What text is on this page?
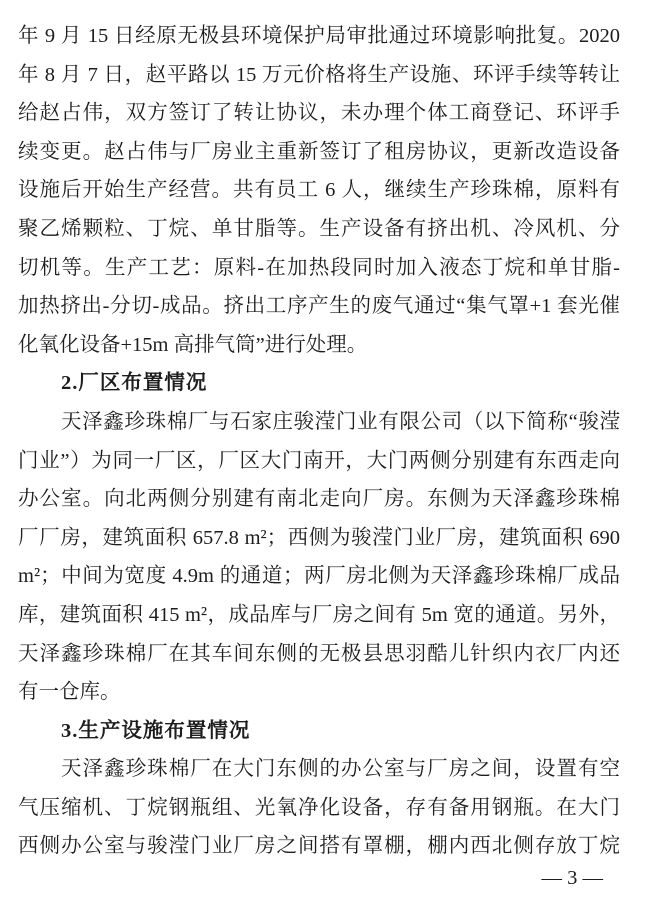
年 9 月 15 日经原无极县环境保护局审批通过环境影响批复。2020
年 8 月 7 日，赵平路以 15 万元价格将生产设施、环评手续等转让
给赵占伟，双方签订了转让协议，未办理个体工商登记、环评手
续变更。赵占伟与厂房业主重新签订了租房协议，更新改造设备
设施后开始生产经营。共有员工 6 人，继续生产珍珠棉，原料有
聚乙烯颗粒、丁烷、单甘脂等。生产设备有挤出机、冷风机、分
切机等。生产工艺：原料-在加热段同时加入液态丁烷和单甘脂-
加热挤出-分切-成品。挤出工序产生的废气通过“集气罩+1 套光催
化氧化设备+15m 高排气筒”进行处理。
2.厂区布置情况
天泽鑫珍珠棉厂与石家庄骏滢门业有限公司（以下简称“骏滢
门业”）为同一厂区，厂区大门南开，大门两侧分别建有东西走向
办公室。向北两侧分别建有南北走向厂房。东侧为天泽鑫珍珠棉
厂厂房，建筑面积 657.8 m²；西侧为骏滢门业厂房，建筑面积 690
m²；中间为宽度 4.9m 的通道；两厂房北侧为天泽鑫珍珠棉厂成品
库，建筑面积 415 m²，成品库与厂房之间有 5m 宽的通道。另外，
天泽鑫珍珠棉厂在其车间东侧的无极县思羽酷儿针织内衣厂内还
有一仓库。
3.生产设施布置情况
天泽鑫珍珠棉厂在大门东侧的办公室与厂房之间，设置有空
气压缩机、丁烷钢瓶组、光氧净化设备，存有备用钢瓶。在大门
西侧办公室与骏滢门业厂房之间搭有罩棚，棚内西北侧存放丁烷
— 3 —
